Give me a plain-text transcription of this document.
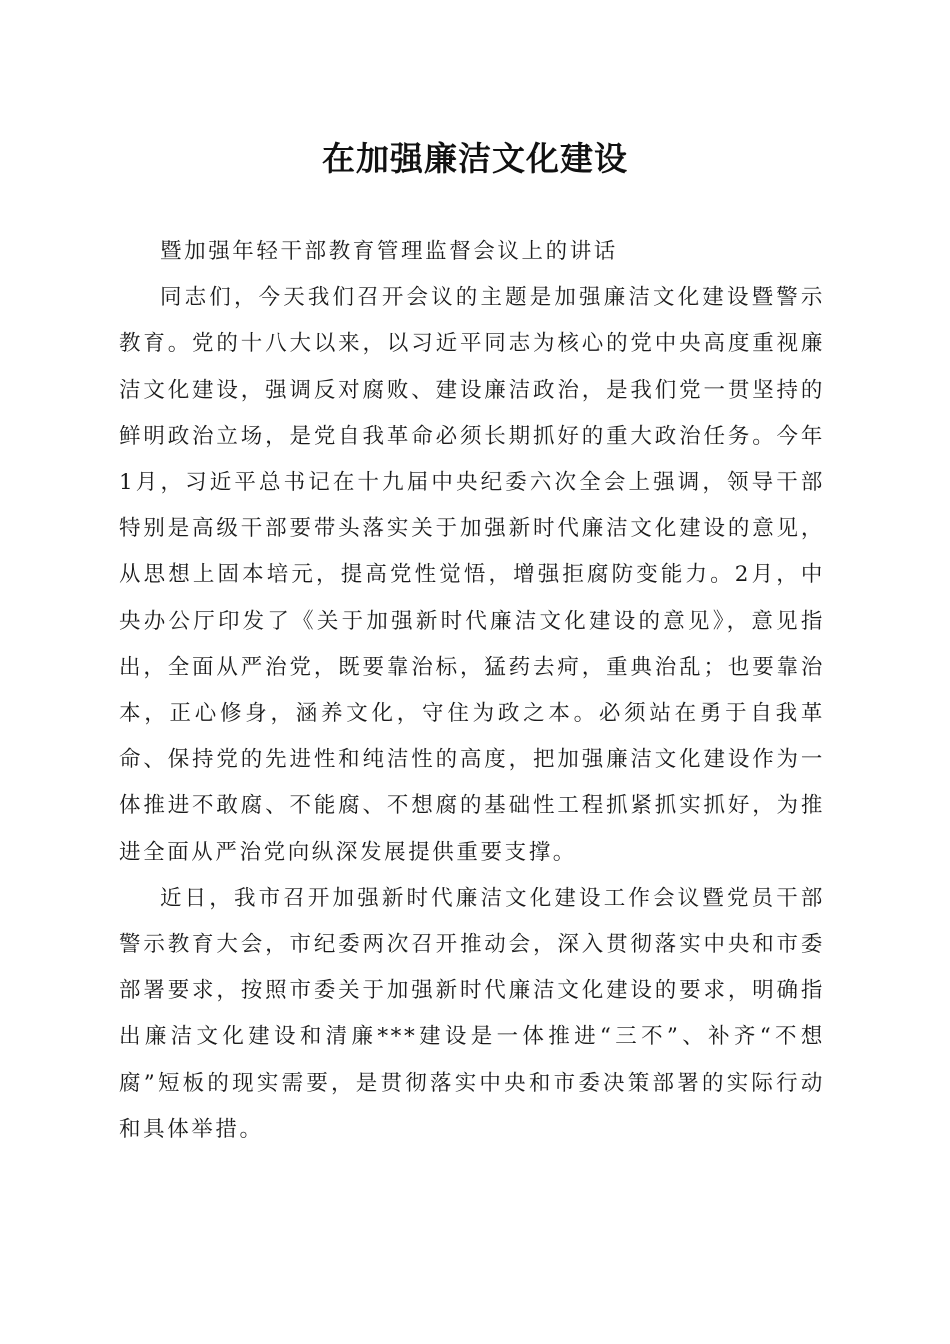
在加强廉洁文化建设

暨加强年轻干部教育管理监督会议上的讲话

同志们，今天我们召开会议的主题是加强廉洁文化建设暨警示教育。党的十八大以来，以习近平同志为核心的党中央高度重视廉洁文化建设，强调反对腐败、建设廉洁政治，是我们党一贯坚持的鲜明政治立场，是党自我革命必须长期抓好的重大政治任务。今年1月，习近平总书记在十九届中央纪委六次全会上强调，领导干部特别是高级干部要带头落实关于加强新时代廉洁文化建设的意见，从思想上固本培元，提高党性觉悟，增强拒腐防变能力。2月，中央办公厅印发了《关于加强新时代廉洁文化建设的意见》，意见指出，全面从严治党，既要靠治标，猛药去疴，重典治乱；也要靠治本，正心修身，涵养文化，守住为政之本。必须站在勇于自我革命、保持党的先进性和纯洁性的高度，把加强廉洁文化建设作为一体推进不敢腐、不能腐、不想腐的基础性工程抓紧抓实抓好，为推进全面从严治党向纵深发展提供重要支撑。

近日，我市召开加强新时代廉洁文化建设工作会议暨党员干部警示教育大会，市纪委两次召开推动会，深入贯彻落实中央和市委部署要求，按照市委关于加强新时代廉洁文化建设的要求，明确指出廉洁文化建设和清廉***建设是一体推进“三不”、补齐“不想腐”短板的现实需要，是贯彻落实中央和市委决策部署的实际行动和具体举措。
